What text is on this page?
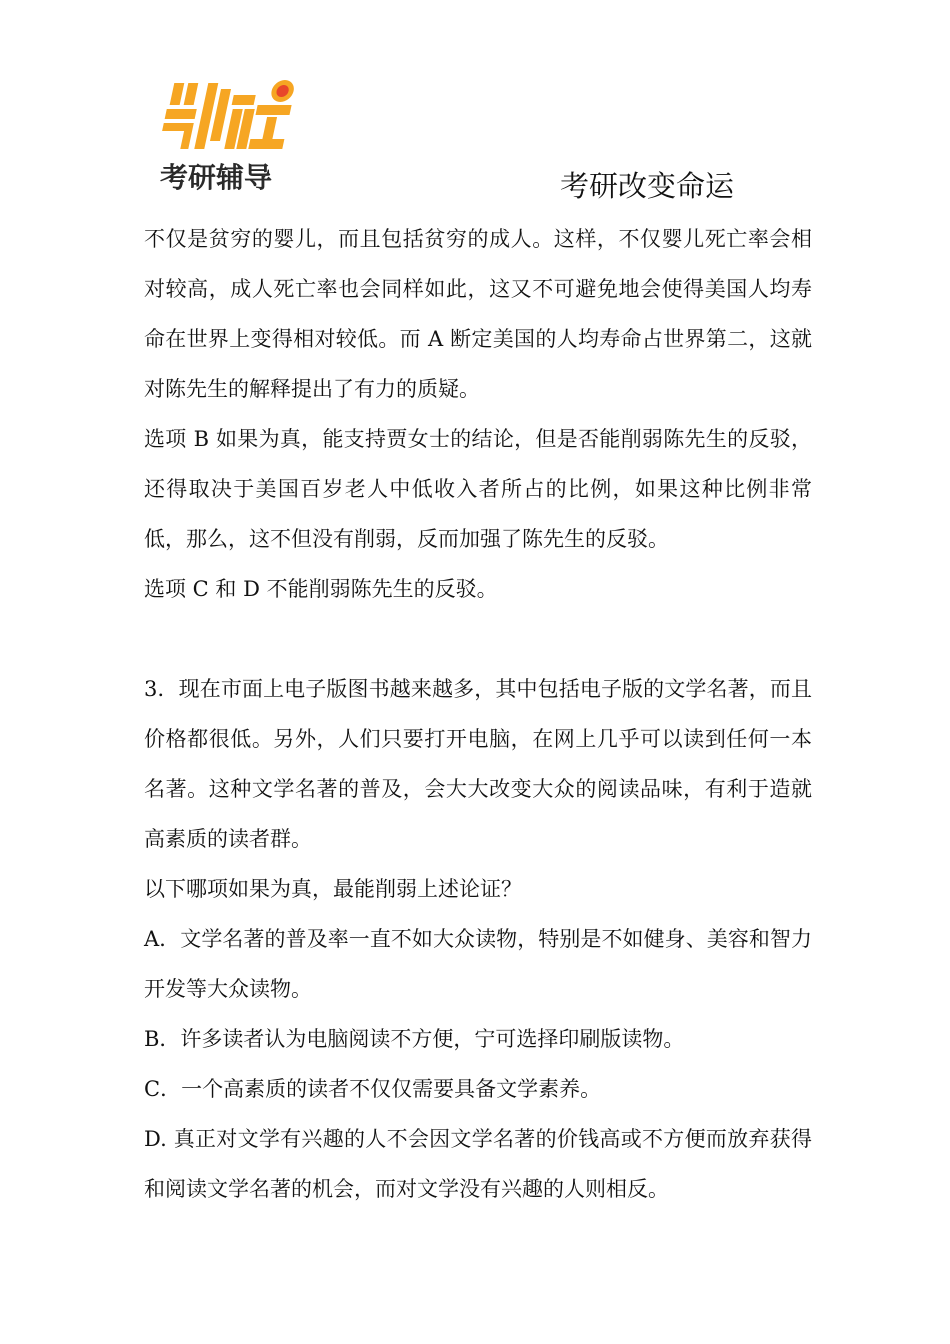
考研辅导	考研改变命运

不仅是贫穷的婴儿，而且包括贫穷的成人。这样，不仅婴儿死亡率会相对较高，成人死亡率也会同样如此，这又不可避免地会使得美国人均寿命在世界上变得相对较低。而 A 断定美国的人均寿命占世界第二，这就对陈先生的解释提出了有力的质疑。

选项 B 如果为真，能支持贾女士的结论，但是否能削弱陈先生的反驳，还得取决于美国百岁老人中低收入者所占的比例，如果这种比例非常低，那么，这不但没有削弱，反而加强了陈先生的反驳。

选项 C 和 D 不能削弱陈先生的反驳。

3．现在市面上电子版图书越来越多，其中包括电子版的文学名著，而且价格都很低。另外，人们只要打开电脑，在网上几乎可以读到任何一本名著。这种文学名著的普及，会大大改变大众的阅读品味，有利于造就高素质的读者群。

以下哪项如果为真，最能削弱上述论证？

A．文学名著的普及率一直不如大众读物，特别是不如健身、美容和智力开发等大众读物。

B．许多读者认为电脑阅读不方便，宁可选择印刷版读物。

C．一个高素质的读者不仅仅需要具备文学素养。

D. 真正对文学有兴趣的人不会因文学名著的价钱高或不方便而放弃获得和阅读文学名著的机会，而对文学没有兴趣的人则相反。
